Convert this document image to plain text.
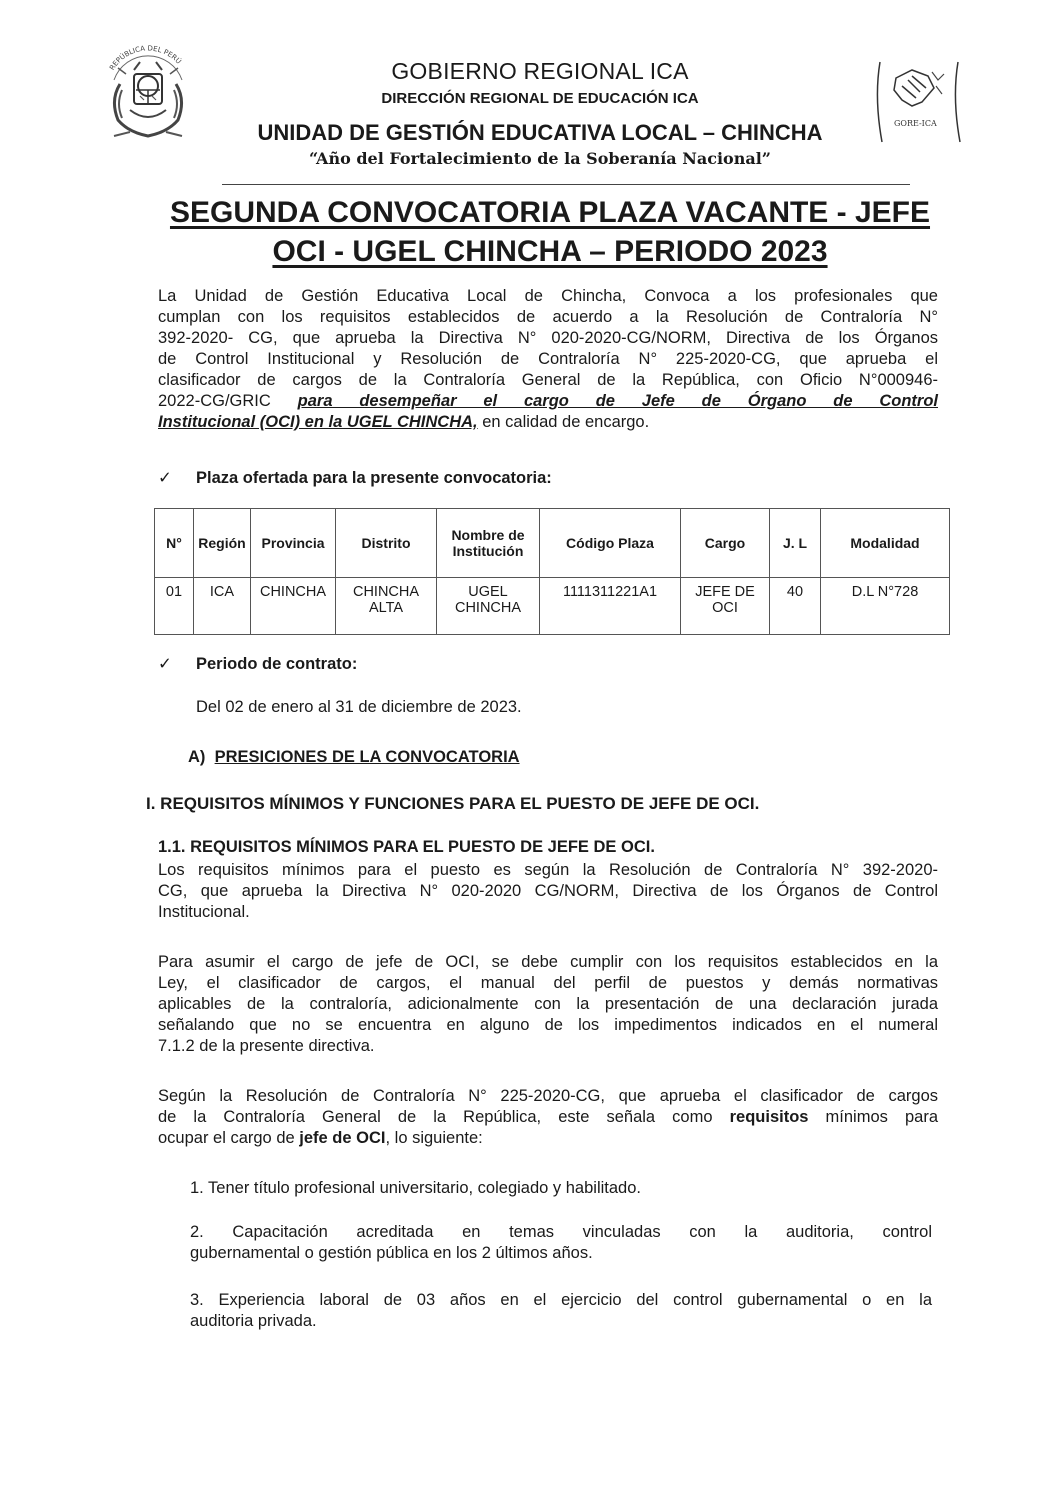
REPÚBLICA DEL PERÚ	GOBIERNO REGIONAL ICA
DIRECCIÓN REGIONAL DE EDUCACIÓN ICA
UNIDAD DE GESTIÓN EDUCATIVA LOCAL – CHINCHA
“Año del Fortalecimiento de la Soberanía Nacional”
GORE-ICA
SEGUNDA CONVOCATORIA PLAZA VACANTE - JEFE
OCI - UGEL CHINCHA – PERIODO 2023
La Unidad de Gestión Educativa Local de Chincha, Convoca a los profesionales que
cumplan con los requisitos establecidos de acuerdo a la Resolución de Contraloría N°
392-2020- CG, que aprueba la Directiva N° 020-2020-CG/NORM, Directiva de los Órganos
de Control Institucional y Resolución de Contraloría N° 225-2020-CG, que aprueba el
clasificador de cargos de la Contraloría General de la República, con Oficio N°000946-
2022-CG/GRIC para desempeñar el cargo de Jefe de Órgano de Control
Institucional (OCI) en la UGEL CHINCHA, en calidad de encargo.
✓ Plaza ofertada para la presente convocatoria:
N°	Región	Provincia	Distrito	Nombre de Institución	Código Plaza	Cargo	J. L	Modalidad
01	ICA	CHINCHA	CHINCHA ALTA	UGEL CHINCHA	1111311221A1	JEFE DE OCI	40	D.L N°728
✓ Periodo de contrato:
Del 02 de enero al 31 de diciembre de 2023.
A) PRESICIONES DE LA CONVOCATORIA
I. REQUISITOS MÍNIMOS Y FUNCIONES PARA EL PUESTO DE JEFE DE OCI.
1.1. REQUISITOS MÍNIMOS PARA EL PUESTO DE JEFE DE OCI.
Los requisitos mínimos para el puesto es según la Resolución de Contraloría N° 392-2020-
CG, que aprueba la Directiva N° 020-2020 CG/NORM, Directiva de los Órganos de Control
Institucional.
Para asumir el cargo de jefe de OCI, se debe cumplir con los requisitos establecidos en la
Ley, el clasificador de cargos, el manual del perfil de puestos y demás normativas
aplicables de la contraloría, adicionalmente con la presentación de una declaración jurada
señalando que no se encuentra en alguno de los impedimentos indicados en el numeral
7.1.2 de la presente directiva.
Según la Resolución de Contraloría N° 225-2020-CG, que aprueba el clasificador de cargos
de la Contraloría General de la República, este señala como requisitos mínimos para
ocupar el cargo de jefe de OCI, lo siguiente:
1. Tener título profesional universitario, colegiado y habilitado.
2. Capacitación acreditada en temas vinculadas con la auditoria, control
gubernamental o gestión pública en los 2 últimos años.
3. Experiencia laboral de 03 años en el ejercicio del control gubernamental o en la
auditoria privada.
